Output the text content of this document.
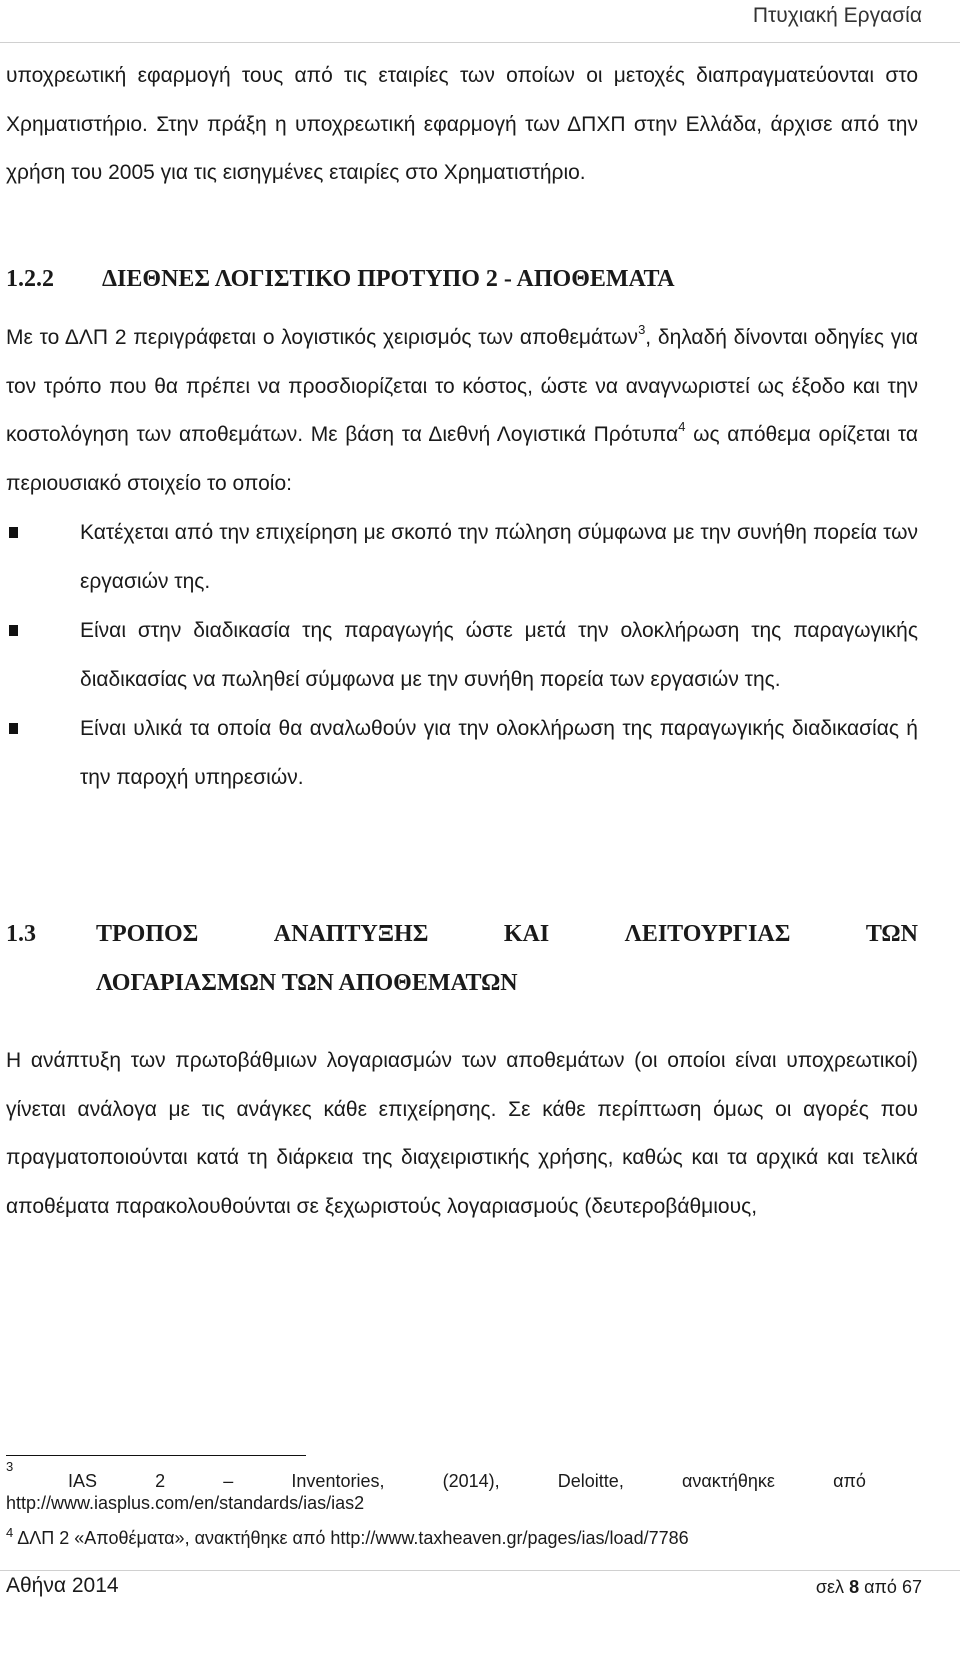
Πτυχιακή Εργασία
υποχρεωτική εφαρμογή τους από τις εταιρίες των οποίων οι μετοχές διαπραγματεύονται στο Χρηματιστήριο. Στην πράξη η υποχρεωτική εφαρμογή των ΔΠΧΠ στην Ελλάδα, άρχισε από την χρήση του 2005 για τις εισηγμένες εταιρίες στο Χρηματιστήριο.
1.2.2 ΔΙΕΘΝΕΣ ΛΟΓΙΣΤΙΚΟ ΠΡΟΤΥΠΟ 2 - ΑΠΟΘΕΜΑΤΑ
Με το ΔΛΠ 2 περιγράφεται ο λογιστικός χειρισμός των αποθεμάτων$^3$, δηλαδή δίνονται οδηγίες για τον τρόπο που θα πρέπει να προσδιορίζεται το κόστος, ώστε να αναγνωριστεί ως έξοδο και την κοστολόγηση των αποθεμάτων. Με βάση τα Διεθνή Λογιστικά Πρότυπα$^4$ ως απόθεμα ορίζεται τα περιουσιακό στοιχείο το οποίο:
Κατέχεται από την επιχείρηση με σκοπό την πώληση σύμφωνα με την συνήθη πορεία των εργασιών της.
Είναι στην διαδικασία της παραγωγής ώστε μετά την ολοκλήρωση της παραγωγικής διαδικασίας να πωληθεί σύμφωνα με την συνήθη πορεία των εργασιών της.
Είναι υλικά τα οποία θα αναλωθούν για την ολοκλήρωση της παραγωγικής διαδικασίας ή την παροχή υπηρεσιών.
1.3	ΤΡΟΠΟΣ	ΑΝΑΠΤΥΞΗΣ	ΚΑΙ	ΛΕΙΤΟΥΡΓΙΑΣ	ΤΩΝ
ΛΟΓΑΡΙΑΣΜΩΝ ΤΩΝ ΑΠΟΘΕΜΑΤΩΝ
Η ανάπτυξη των πρωτοβάθμιων λογαριασμών των αποθεμάτων (οι οποίοι είναι υποχρεωτικοί) γίνεται ανάλογα με τις ανάγκες κάθε επιχείρησης. Σε κάθε περίπτωση όμως οι αγορές που πραγματοποιούνται κατά τη διάρκεια της διαχειριστικής χρήσης, καθώς και τα αρχικά και τελικά αποθέματα παρακολουθούνται σε ξεχωριστούς λογαριασμούς (δευτεροβάθμιους,
3
IAS	2	–	Inventories,	(2014),	Deloitte,	ανακτήθηκε	από
http://www.iasplus.com/en/standards/ias/ias2
$^4$ ΔΛΠ 2 «Αποθέματα», ανακτήθηκε από http://www.taxheaven.gr/pages/ias/load/7786
Αθήνα 2014	σελ 8 από 67
